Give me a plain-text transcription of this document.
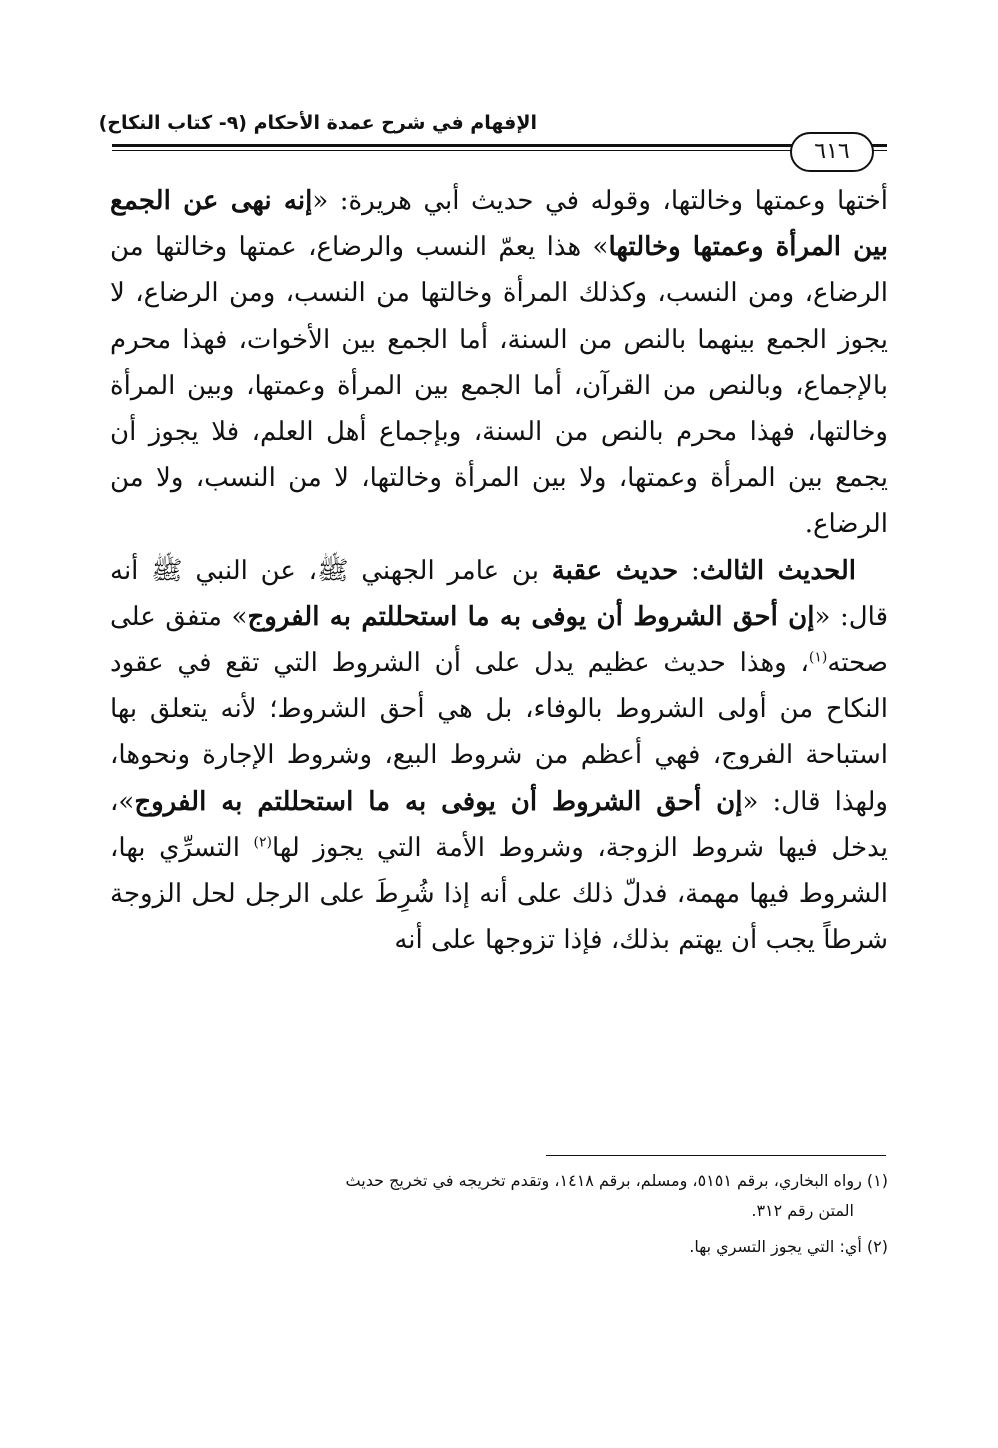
الإفهام في شرح عمدة الأحكام (٩- كتاب النكاح)
٦١٦

أختها وعمتها وخالتها، وقوله في حديث أبي هريرة: «إنه نهى عن الجمع بين المرأة وعمتها وخالتها» هذا يعمّ النسب والرضاع، عمتها وخالتها من الرضاع، ومن النسب، وكذلك المرأة وخالتها من النسب، ومن الرضاع، لا يجوز الجمع بينهما بالنص من السنة، أما الجمع بين الأخوات، فهذا محرم بالإجماع، وبالنص من القرآن، أما الجمع بين المرأة وعمتها، وبين المرأة وخالتها، فهذا محرم بالنص من السنة، وبإجماع أهل العلم، فلا يجوز أن يجمع بين المرأة وعمتها، ولا بين المرأة وخالتها، لا من النسب، ولا من الرضاع.

الحديث الثالث: حديث عقبة بن عامر الجهني ﷺ، عن النبي ﷺ أنه قال: «إن أحق الشروط أن يوفى به ما استحللتم به الفروج» متفق على صحته$^{(١)}$، وهذا حديث عظيم يدل على أن الشروط التي تقع في عقود النكاح من أولى الشروط بالوفاء، بل هي أحق الشروط؛ لأنه يتعلق بها استباحة الفروج، فهي أعظم من شروط البيع، وشروط الإجارة ونحوها، ولهذا قال: «إن أحق الشروط أن يوفى به ما استحللتم به الفروج»، يدخل فيها شروط الزوجة، وشروط الأمة التي يجوز لها$^{(٢)}$ التسرِّي بها، الشروط فيها مهمة، فدلّ ذلك على أنه إذا شُرِطَ على الرجل لحل الزوجة شرطاً يجب أن يهتم بذلك، فإذا تزوجها على أنه

(١) رواه البخاري، برقم ٥١٥١، ومسلم، برقم ١٤١٨، وتقدم تخريجه في تخريج حديث
المتن رقم ٣١٢.

(٢) أي: التي يجوز التسري بها.
